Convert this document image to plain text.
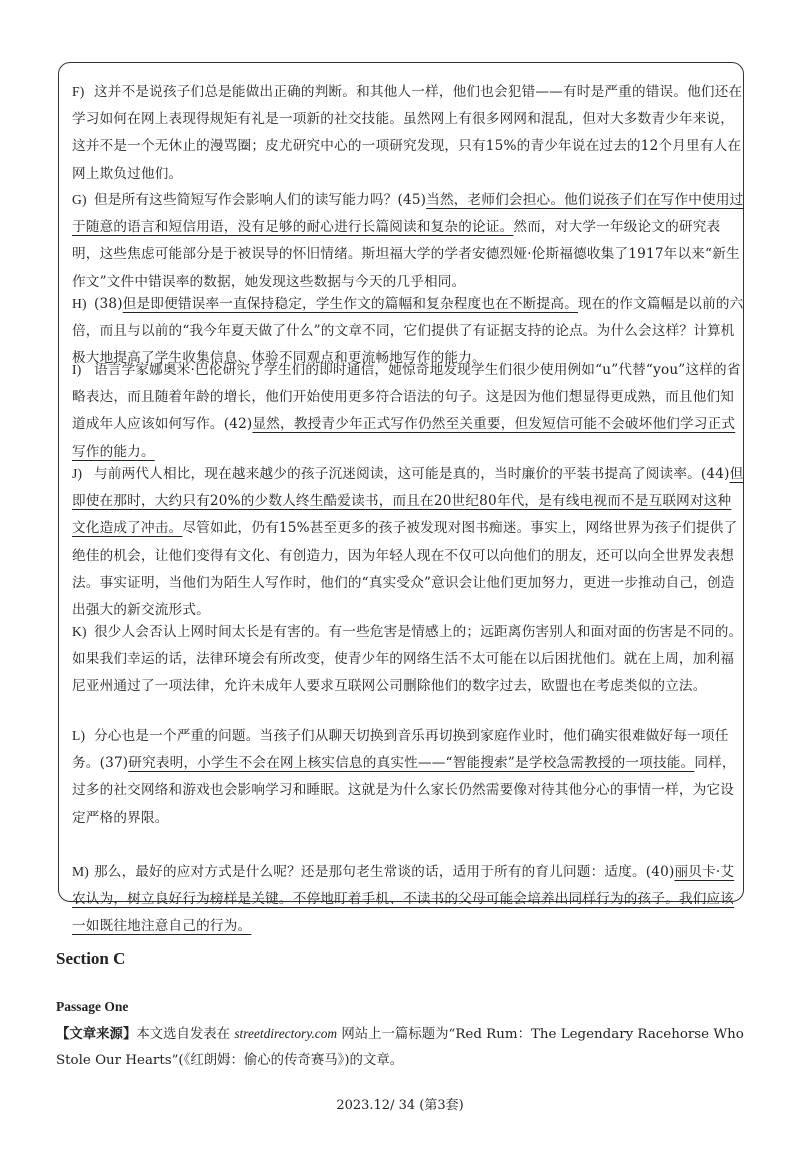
F) 这并不是说孩子们总是能做出正确的判断。和其他人一样，他们也会犯错——有时是严重的错误。他们还在学习如何在网上表现得规矩有礼是一项新的社交技能。虽然网上有很多网网和混乱，但对大多数青少年来说，这并不是一个无休止的漫骂圈；皮尤研究中心的一项研究发现，只有15%的青少年说在过去的12个月里有人在网上欺负过他们。
G) 但是所有这些简短写作会影响人们的读写能力吗？(45)当然，老师们会担心。他们说孩子们在写作中使用过于随意的语言和短信用语，没有足够的耐心进行长篇阅读和复杂的论证。然而，对大学一年级论文的研究表明，这些焦虑可能部分是于被误导的怀旧情绪。斯坦福大学的学者安德烈娅·伦斯福德收集了1917年以来“新生作文”文件中错误率的数据，她发现这些数据与今天的几乎相同。
H) (38)但是即便错误率一直保持稳定，学生作文的篇幅和复杂程度也在不断提高。现在的作文篇幅是以前的六倍，而且与以前的“我今年夏天做了什么”的文章不同，它们提供了有证据支持的论点。为什么会这样？计算机极大地提高了学生收集信息、体验不同观点和更流畅地写作的能力。
I) 语言学家娜奥米·巴伦研究了学生们的即时通信，她惊奇地发现学生们很少使用例如“u”代替“you”这样的省略表达，而且随着年龄的增长，他们开始使用更多符合语法的句子。这是因为他们想显得更成熟，而且他们知道成年人应该如何写作。(42)显然，教授青少年正式写作仍然至关重要，但发短信可能不会破坏他们学习正式写作的能力。
J) 与前两代人相比，现在越来越少的孩子沉迷阅读，这可能是真的，当时廉价的平装书提高了阅读率。(44)但即使在那时，大约只有20%的少数人终生酷爱读书，而且在20世纪80年代，是有线电视而不是互联网对这种文化造成了冲击。尽管如此，仍有15%甚至更多的孩子被发现对图书痴迷。事实上，网络世界为孩子们提供了绝佳的机会，让他们变得有文化、有创造力，因为年轻人现在不仅可以向他们的朋友，还可以向全世界发表想法。事实证明，当他们为陌生人写作时，他们的“真实受众”意识会让他们更加努力，更进一步推动自己，创造出强大的新交流形式。
K) 很少人会否认上网时间太长是有害的。有一些危害是情感上的；远距离伤害别人和面对面的伤害是不同的。如果我们幸运的话，法律环境会有所改变，使青少年的网络生活不太可能在以后困扰他们。就在上周，加利福尼亚州通过了一项法律，允许未成年人要求互联网公司删除他们的数字过去，欧盟也在考虑类似的立法。
L) 分心也是一个严重的问题。当孩子们从聊天切换到音乐再切换到家庭作业时，他们确实很难做好每一项任务。(37)研究表明，小学生不会在网上核实信息的真实性——“智能搜索”是学校急需教授的一项技能。同样，过多的社交网络和游戏也会影响学习和睡眠。这就是为什么家长仍然需要像对待其他分心的事情一样，为它设定严格的界限。
M) 那么，最好的应对方式是什么呢？还是那句老生常谈的话，适用于所有的育儿问题：适度。(40)丽贝卡·艾农认为，树立良好行为榜样是关键。不停地盯着手机、不读书的父母可能会培养出同样行为的孩子。我们应该一如既往地注意自己的行为。
Section C
Passage One
【文章来源】本文选自发表在 streetdirectory.com 网站上一篇标题为“Red Rum：The Legendary Racehorse Who Stole Our Hearts”(《红朗姆：偷心的传奇赛马》)的文章。
2023.12/ 34 (第3套)
